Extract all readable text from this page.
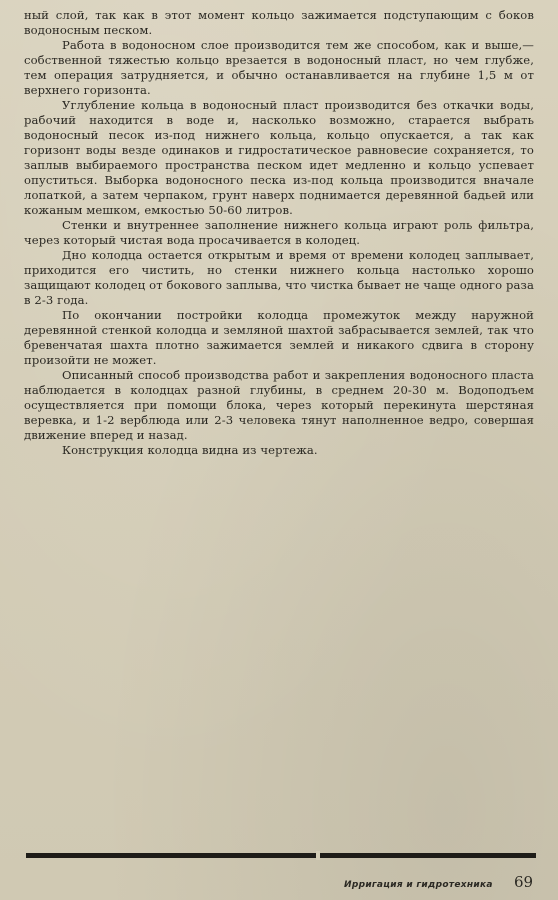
ный слой, так как в этот момент кольцо зажимается подступающим с боков водоносным песком.

Работа в водоносном слое производится тем же способом, как и выше,—собственной тяжестью кольцо врезается в водоносный пласт, но чем глубже, тем операция затрудняется, и обычно останавливается на глубине 1,5 м от верхнего горизонта.

Углубление кольца в водоносный пласт производится без откачки воды, рабочий находится в воде и, насколько возможно, старается выбрать водоносный песок из-под нижнего кольца, кольцо опускается, а так как горизонт воды везде одинаков и гидростатическое равновесие сохраняется, то заплыв выбираемого пространства песком идет медленно и кольцо успевает опуститься. Выборка водоносного песка из-под кольца производится вначале лопаткой, а затем черпаком, грунт наверх поднимается деревянной бадьей или кожаным мешком, емкостью 50-60 литров.

Стенки и внутреннее заполнение нижнего кольца играют роль фильтра, через который чистая вода просачивается в колодец.

Дно колодца остается открытым и время от времени колодец заплывает, приходится его чистить, но стенки нижнего кольца настолько хорошо защищают колодец от бокового заплыва, что чистка бывает не чаще одного раза в 2-3 года.

По окончании постройки колодца промежуток между наружной деревянной стенкой колодца и земляной шахтой забрасывается землей, так что бревенчатая шахта плотно зажимается землей и никакого сдвига в сторону произойти не может.

Описанный способ производства работ и закрепления водоносного пласта наблюдается в колодцах разной глубины, в среднем 20-30 м. Водоподъем осуществляется при помощи блока, через который перекинута шерстяная веревка, и 1-2 верблюда или 2-3 человека тянут наполненное ведро, совершая движение вперед и назад.

Конструкция колодца видна из чертежа.

Ирригация и гидротехника 69
